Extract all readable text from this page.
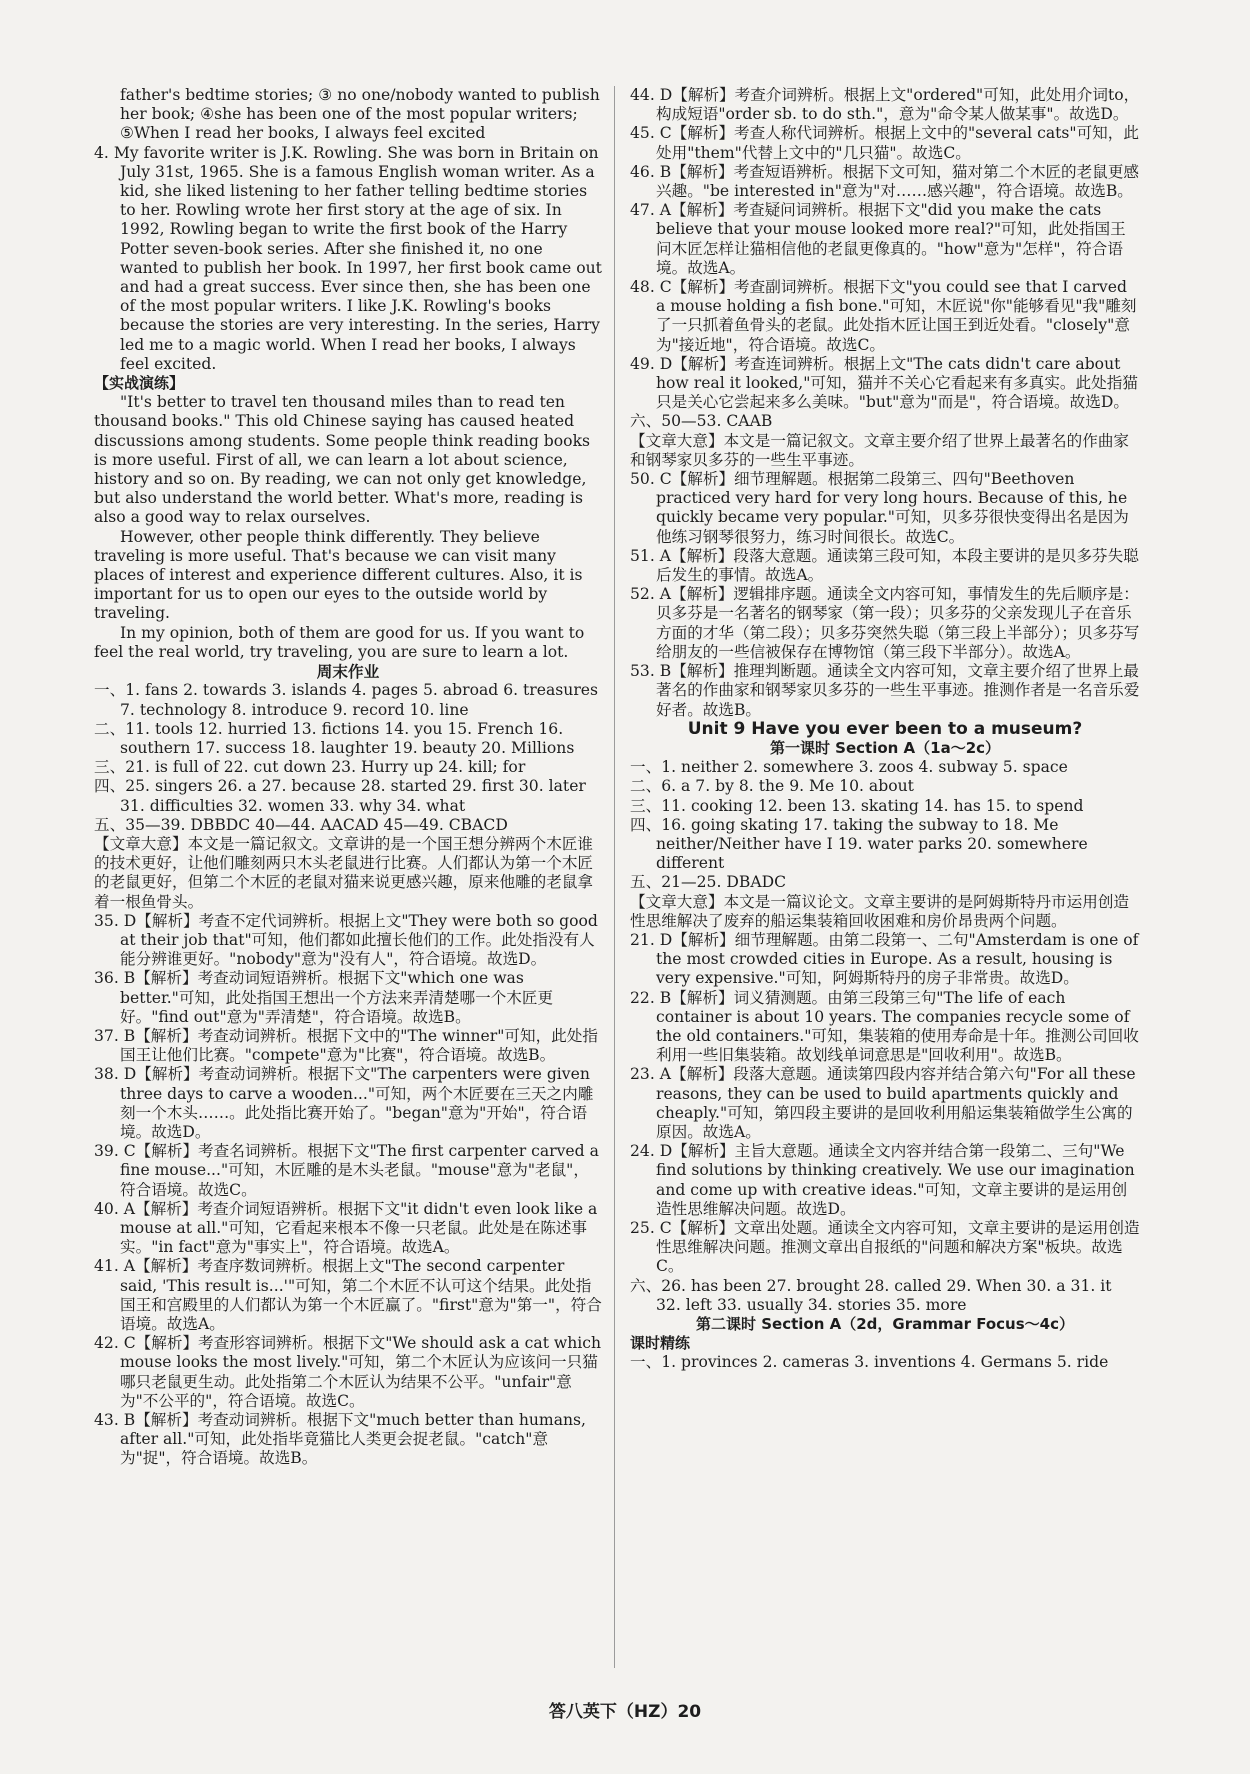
father's bedtime stories; ③ no one/nobody wanted to publish her book; ④she has been one of the most popular writers; ⑤When I read her books, I always feel excited

4. My favorite writer is J.K. Rowling. She was born in Britain on July 31st, 1965. She is a famous English woman writer. As a kid, she liked listening to her father telling bedtime stories to her. Rowling wrote her first story at the age of six. In 1992, Rowling began to write the first book of the Harry Potter seven-book series. After she finished it, no one wanted to publish her book. In 1997, her first book came out and had a great success. Ever since then, she has been one of the most popular writers. I like J.K. Rowling's books because the stories are very interesting. In the series, Harry led me to a magic world. When I read her books, I always feel excited.

【实战演练】

"It's better to travel ten thousand miles than to read ten thousand books." This old Chinese saying has caused heated discussions among students. Some people think reading books is more useful. First of all, we can learn a lot about science, history and so on. By reading, we can not only get knowledge, but also understand the world better. What's more, reading is also a good way to relax ourselves.

However, other people think differently. They believe traveling is more useful. That's because we can visit many places of interest and experience different cultures. Also, it is important for us to open our eyes to the outside world by traveling.

In my opinion, both of them are good for us. If you want to feel the real world, try traveling, you are sure to learn a lot.

周末作业

一、1. fans 2. towards 3. islands 4. pages 5. abroad 6. treasures 7. technology 8. introduce 9. record 10. line

二、11. tools 12. hurried 13. fictions 14. you 15. French 16. southern 17. success 18. laughter 19. beauty 20. Millions

三、21. is full of 22. cut down 23. Hurry up 24. kill; for

四、25. singers 26. a 27. because 28. started 29. first 30. later 31. difficulties 32. women 33. why 34. what

五、35—39. DBBDC 40—44. AACAD 45—49. CBACD

【文章大意】本文是一篇记叙文。文章讲的是一个国王想分辨两个木匠谁的技术更好，让他们雕刻两只木头老鼠进行比赛。人们都认为第一个木匠的老鼠更好，但第二个木匠的老鼠对猫来说更感兴趣，原来他雕的老鼠拿着一根鱼骨头。

35. D【解析】考查不定代词辨析。根据上文"They were both so good at their job that"可知，他们都如此擅长他们的工作。此处指没有人能分辨谁更好。"nobody"意为"没有人"，符合语境。故选D。

36. B【解析】考查动词短语辨析。根据下文"which one was better."可知，此处指国王想出一个方法来弄清楚哪一个木匠更好。"find out"意为"弄清楚"，符合语境。故选B。

37. B【解析】考查动词辨析。根据下文中的"The winner"可知，此处指国王让他们比赛。"compete"意为"比赛"，符合语境。故选B。

38. D【解析】考查动词辨析。根据下文"The carpenters were given three days to carve a wooden..."可知，两个木匠要在三天之内雕刻一个木头……。此处指比赛开始了。"began"意为"开始"，符合语境。故选D。

39. C【解析】考查名词辨析。根据下文"The first carpenter carved a fine mouse..."可知，木匠雕的是木头老鼠。"mouse"意为"老鼠"，符合语境。故选C。

40. A【解析】考查介词短语辨析。根据下文"it didn't even look like a mouse at all."可知，它看起来根本不像一只老鼠。此处是在陈述事实。"in fact"意为"事实上"，符合语境。故选A。

41. A【解析】考查序数词辨析。根据上文"The second carpenter said, 'This result is...'"可知，第二个木匠不认可这个结果。此处指国王和宫殿里的人们都认为第一个木匠赢了。"first"意为"第一"，符合语境。故选A。

42. C【解析】考查形容词辨析。根据下文"We should ask a cat which mouse looks the most lively."可知，第二个木匠认为应该问一只猫哪只老鼠更生动。此处指第二个木匠认为结果不公平。"unfair"意为"不公平的"，符合语境。故选C。

43. B【解析】考查动词辨析。根据下文"much better than humans, after all."可知，此处指毕竟猫比人类更会捉老鼠。"catch"意为"捉"，符合语境。故选B。

44. D【解析】考查介词辨析。根据上文"ordered"可知，此处用介词to，构成短语"order sb. to do sth."，意为"命令某人做某事"。故选D。

45. C【解析】考查人称代词辨析。根据上文中的"several cats"可知，此处用"them"代替上文中的"几只猫"。故选C。

46. B【解析】考查短语辨析。根据下文可知，猫对第二个木匠的老鼠更感兴趣。"be interested in"意为"对……感兴趣"，符合语境。故选B。

47. A【解析】考查疑问词辨析。根据下文"did you make the cats believe that your mouse looked more real?"可知，此处指国王问木匠怎样让猫相信他的老鼠更像真的。"how"意为"怎样"，符合语境。故选A。

48. C【解析】考查副词辨析。根据下文"you could see that I carved a mouse holding a fish bone."可知，木匠说"你"能够看见"我"雕刻了一只抓着鱼骨头的老鼠。此处指木匠让国王到近处看。"closely"意为"接近地"，符合语境。故选C。

49. D【解析】考查连词辨析。根据上文"The cats didn't care about how real it looked,"可知，猫并不关心它看起来有多真实。此处指猫只是关心它尝起来多么美味。"but"意为"而是"，符合语境。故选D。

六、50—53. CAAB

【文章大意】本文是一篇记叙文。文章主要介绍了世界上最著名的作曲家和钢琴家贝多芬的一些生平事迹。

50. C【解析】细节理解题。根据第二段第三、四句"Beethoven practiced very hard for very long hours. Because of this, he quickly became very popular."可知，贝多芬很快变得出名是因为他练习钢琴很努力，练习时间很长。故选C。

51. A【解析】段落大意题。通读第三段可知，本段主要讲的是贝多芬失聪后发生的事情。故选A。

52. A【解析】逻辑排序题。通读全文内容可知，事情发生的先后顺序是：贝多芬是一名著名的钢琴家（第一段）；贝多芬的父亲发现儿子在音乐方面的才华（第二段）；贝多芬突然失聪（第三段上半部分）；贝多芬写给朋友的一些信被保存在博物馆（第三段下半部分）。故选A。

53. B【解析】推理判断题。通读全文内容可知，文章主要介绍了世界上最著名的作曲家和钢琴家贝多芬的一些生平事迹。推测作者是一名音乐爱好者。故选B。

Unit 9 Have you ever been to a museum?

第一课时 Section A（1a～2c）

一、1. neither 2. somewhere 3. zoos 4. subway 5. space

二、6. a 7. by 8. the 9. Me 10. about

三、11. cooking 12. been 13. skating 14. has 15. to spend

四、16. going skating 17. taking the subway to 18. Me neither/Neither have I 19. water parks 20. somewhere different

五、21—25. DBADC

【文章大意】本文是一篇议论文。文章主要讲的是阿姆斯特丹市运用创造性思维解决了废弃的船运集装箱回收困难和房价昂贵两个问题。

21. D【解析】细节理解题。由第二段第一、二句"Amsterdam is one of the most crowded cities in Europe. As a result, housing is very expensive."可知，阿姆斯特丹的房子非常贵。故选D。

22. B【解析】词义猜测题。由第三段第三句"The life of each container is about 10 years. The companies recycle some of the old containers."可知，集装箱的使用寿命是十年。推测公司回收利用一些旧集装箱。故划线单词意思是"回收利用"。故选B。

23. A【解析】段落大意题。通读第四段内容并结合第六句"For all these reasons, they can be used to build apartments quickly and cheaply."可知，第四段主要讲的是回收利用船运集装箱做学生公寓的原因。故选A。

24. D【解析】主旨大意题。通读全文内容并结合第一段第二、三句"We find solutions by thinking creatively. We use our imagination and come up with creative ideas."可知，文章主要讲的是运用创造性思维解决问题。故选D。

25. C【解析】文章出处题。通读全文内容可知，文章主要讲的是运用创造性思维解决问题。推测文章出自报纸的"问题和解决方案"板块。故选C。

六、26. has been 27. brought 28. called 29. When 30. a 31. it 32. left 33. usually 34. stories 35. more

第二课时 Section A（2d，Grammar Focus～4c）

课时精练

一、1. provinces 2. cameras 3. inventions 4. Germans 5. ride

答八英下（HZ）20
